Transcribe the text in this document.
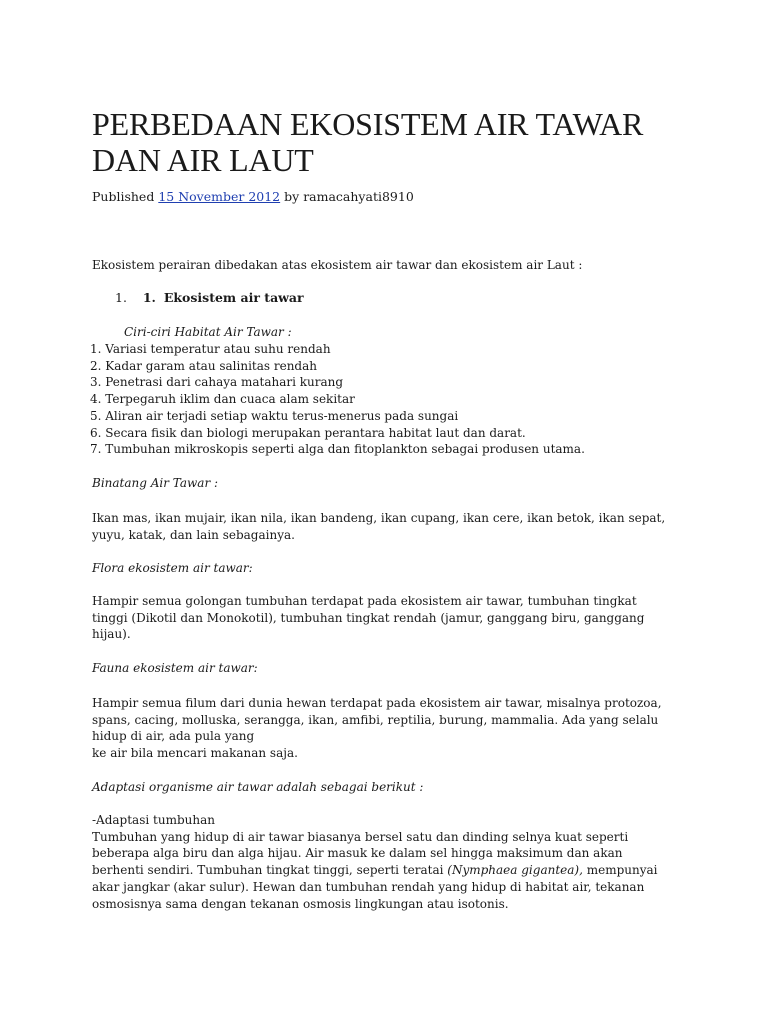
PERBEDAAN EKOSISTEM AIR TAWAR DAN AIR LAUT
Published 15 November 2012 by ramacahyati8910
Ekosistem perairan dibedakan atas ekosistem air tawar dan ekosistem air Laut :
1. 1. Ekosistem air tawar
Ciri-ciri Habitat Air Tawar :
1. Variasi temperatur atau suhu rendah
2. Kadar garam atau salinitas rendah
3. Penetrasi dari cahaya matahari kurang
4. Terpegaruh iklim dan cuaca alam sekitar
5. Aliran air terjadi setiap waktu terus-menerus pada sungai
6. Secara fisik dan biologi merupakan perantara habitat laut dan darat.
7. Tumbuhan mikroskopis seperti alga dan fitoplankton sebagai produsen utama.
Binatang Air Tawar :
Ikan mas, ikan mujair, ikan nila, ikan bandeng, ikan cupang, ikan cere, ikan betok, ikan sepat,
yuyu, katak, dan lain sebagainya.
Flora ekosistem air tawar:
Hampir semua golongan tumbuhan terdapat pada ekosistem air tawar, tumbuhan tingkat
tinggi (Dikotil dan Monokotil), tumbuhan tingkat rendah (jamur, ganggang biru, ganggang
hijau).
Fauna ekosistem air tawar:
Hampir semua filum dari dunia hewan terdapat pada ekosistem air tawar, misalnya protozoa,
spans, cacing, molluska, serangga, ikan, amfibi, reptilia, burung, mammalia. Ada yang selalu
hidup di air, ada pula yang
ke air bila mencari makanan saja.
Adaptasi organisme air tawar adalah sebagai berikut :
-Adaptasi tumbuhan
Tumbuhan yang hidup di air tawar biasanya bersel satu dan dinding selnya kuat seperti
beberapa alga biru dan alga hijau. Air masuk ke dalam sel hingga maksimum dan akan
berhenti sendiri. Tumbuhan tingkat tinggi, seperti teratai (Nymphaea gigantea), mempunyai
akar jangkar (akar sulur). Hewan dan tumbuhan rendah yang hidup di habitat air, tekanan
osmosisnya sama dengan tekanan osmosis lingkungan atau isotonis.
